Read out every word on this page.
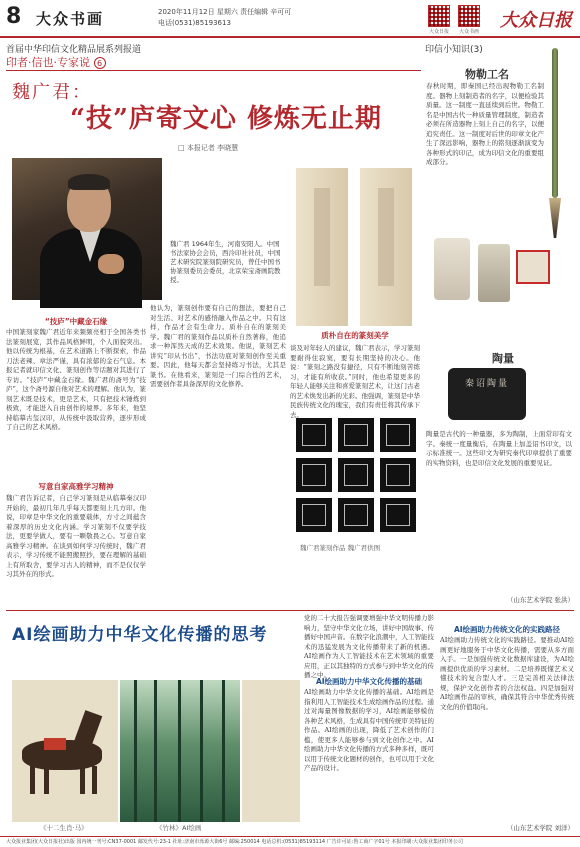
8 大众书画	2020年11月12日 星期六 责任编辑 辛可可
电话(0531)85193613
大众日报	大众书画
大众日报
首届中华印信文化精品展系列报道
印者·信也·专家说 6
魏广君：
“技”庐寄文心 修炼无止期
□ 本报记者 李晓慧
魏广君 1964年生，河南安阳人。中国书法家协会会员，西泠印社社员，中国艺术研究院篆刻院研究员，曾任中国书协篆刻委员会委员，北京荣宝斋画院教授。
“技庐”中藏金石缘
中国篆刻家魏广君近年来频频亮相于全国各类书法篆刻展览，其作品风格鲜明，个人面貌突出。他以传统为根基，在艺术道路上不断探索，作品刀法老辣、章法严谨，具有浓郁的金石气息。本报记者就印信文化、篆刻创作等话题对其进行了专访。“技庐”中藏金石缘。魏广君的斋号为“技庐”，这个斋号源自他对艺术的理解。他认为，篆刻艺术既是技术，更是艺术，只有把技术锤炼到极致，才能进入自由创作的境界。多年来，他坚持临摹古玺汉印，从传统中汲取营养，逐步形成了自己的艺术风格。
写意自家高雅学习精神
魏广君告诉记者，自己学习篆刻是从临摹秦汉印开始的，最初几年几乎每天都要刻上几方印。他说，印章是中华文化的重要载体，方寸之间蕴含着深厚的历史文化内涵。学习篆刻不仅要学技法，更要学做人，要有一颗敬畏之心。写意自家高雅学习精神。在谈到如何学习传统时，魏广君表示，学习传统不能照搬照抄，要在理解的基础上有所取舍，要学习古人的精神，而不是仅仅学习其外在的形式。
他认为，篆刻创作要有自己的想法，要把自己对生活、对艺术的感悟融入作品之中。只有这样，作品才会有生命力。质朴自在的篆刻美学。魏广君的篆刻作品以质朴自然著称，他追求一种浑然天成的艺术效果。他说，篆刻艺术讲究“印从书出”，书法功底对篆刻创作至关重要。因此，他每天都会坚持练习书法，尤其是篆书。在他看来，篆刻是一门综合性的艺术，需要创作者具备深厚的文化修养。
质朴自在的篆刻美学
谈及对年轻人的建议，魏广君表示，学习篆刻要耐得住寂寞，要有长期坚持的决心。他说：“篆刻之路没有捷径，只有不断地刻苦练习，才能有所收获。”同时，他也希望更多的年轻人能够关注和喜爱篆刻艺术，让这门古老的艺术焕发出新的光彩。他强调，篆刻是中华民族传统文化的瑰宝，我们有责任将其传承下去。
魏广君篆刻作品 魏广君供图
印信小知识(3)
物勒工名
春秋时期，即秦国已经出现物勒工名制度。器物上刻制造者的名字，以便检验其质量。这一制度一直延续到后世。物勒工名是中国古代一种质量管理制度，制造者必须在所造器物上刻上自己的名字，以便追究责任。这一制度对后世的印章文化产生了深远影响，器物上的铭刻逐渐演变为各种形式的印记，成为印信文化的重要组成部分。
陶量
秦诏陶量
陶量是古代的一种量器，多为陶制，上面常印有文字。秦统一度量衡后，在陶量上加盖诏书印文，以示标准统一。这些印文为研究秦代印章提供了重要的实物资料，也是印信文化发展的重要见证。
（山东艺术学院 张洪）
AI绘画助力中华文化传播的思考
党的二十大报告强调要增强中华文明传播力影响力，坚守中华文化立场，讲好中国故事、传播好中国声音。在数字化浪潮中，人工智能技术的迅猛发展为文化传播带来了新的机遇。AI绘画作为人工智能技术在艺术领域的重要应用，正以其独特的方式参与到中华文化的传播之中。
AI绘画助力中华文化传播的基础
AI绘画助力中华文化传播的基础。AI绘画是指利用人工智能技术生成绘画作品的过程。通过对海量图像数据的学习，AI绘画能够模仿各种艺术风格，生成具有中国传统审美特征的作品。AI绘画的出现，降低了艺术创作的门槛，使更多人能够参与到文化创作之中。AI绘画助力中华文化传播的方式多种多样，既可以用于传统文化题材的创作，也可以用于文化产品的设计。
AI绘画助力传统文化的实践路径
AI绘画助力传统文化的实践路径。要推动AI绘画更好地服务于中华文化传播，需要从多方面入手。一是加强传统文化数据库建设，为AI绘画提供优质的学习素材。二是培养既懂艺术又懂技术的复合型人才。三是完善相关法律法规，保护文化创作者的合法权益。四是加强对AI绘画作品的审核，确保其符合中华优秀传统文化的价值取向。
（山东艺术学院 刘洋）
《十二生肖·马》	《竹林》AI绘画
大众报业集团(大众日报社)出版 国内统一刊号:CN37-0001 邮发代号:23-1 社址:济南市泺源大街6号 邮编:250014 电话总机:(0531)85193114 广告许可证:鲁工商广字01号 本报印刷:大众报业集团印务公司
